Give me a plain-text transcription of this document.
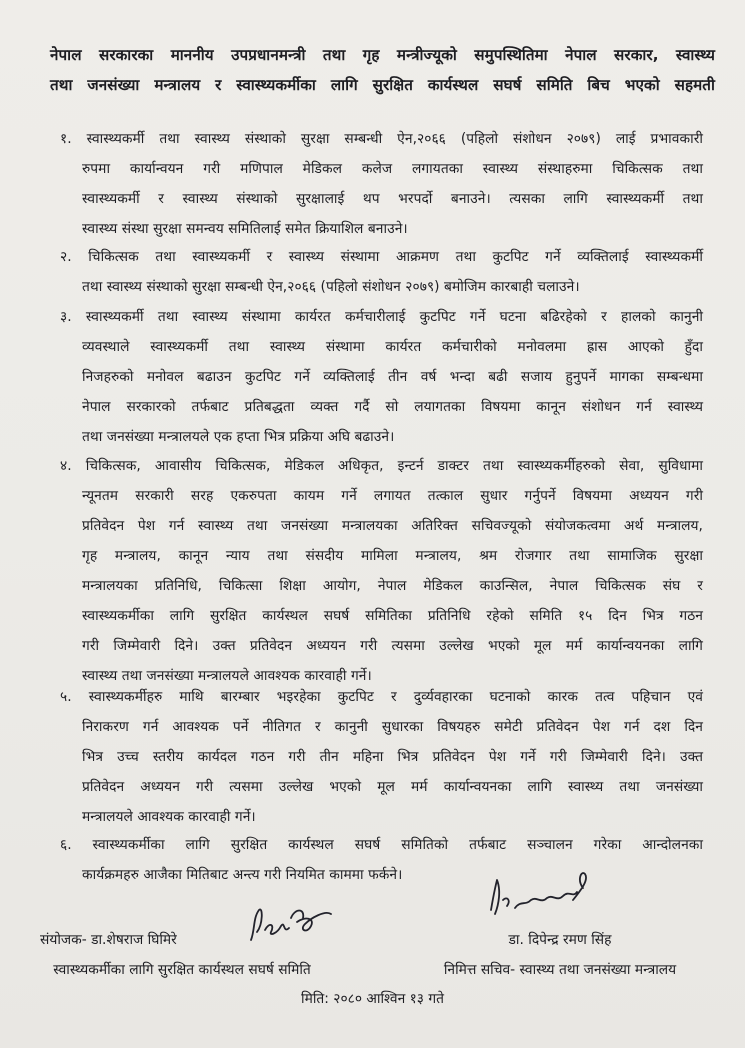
नेपाल सरकारका माननीय उपप्रधानमन्त्री तथा गृह मन्त्रीज्यूको समुपस्थितिमा नेपाल सरकार, स्वास्थ्य
तथा जनसंख्या मन्त्रालय र स्वास्थ्यकर्मीका लागि सुरक्षित कार्यस्थल सघर्ष समिति बिच भएको सहमती
१. स्वास्थ्यकर्मी तथा स्वास्थ्य संस्थाको सुरक्षा सम्बन्धी ऐन,२०६६ (पहिलो संशोधन २०७९) लाई प्रभावकारी
रुपमा कार्यान्वयन गरी मणिपाल मेडिकल कलेज लगायतका स्वास्थ्य संस्थाहरुमा चिकित्सक तथा
स्वास्थ्यकर्मी र स्वास्थ्य संस्थाको सुरक्षालाई थप भरपर्दो बनाउने। त्यसका लागि स्वास्थ्यकर्मी तथा
स्वास्थ्य संस्था सुरक्षा समन्वय समितिलाई समेत क्रियाशिल बनाउने।
२. चिकित्सक तथा स्वास्थ्यकर्मी र स्वास्थ्य संस्थामा आक्रमण तथा कुटपिट गर्ने व्यक्तिलाई स्वास्थ्यकर्मी
तथा स्वास्थ्य संस्थाको सुरक्षा सम्बन्धी ऐन,२०६६ (पहिलो संशोधन २०७९) बमोजिम कारबाही चलाउने।
३. स्वास्थ्यकर्मी तथा स्वास्थ्य संस्थामा कार्यरत कर्मचारीलाई कुटपिट गर्ने घटना बढिरहेको र हालको कानुनी
व्यवस्थाले स्वास्थ्यकर्मी तथा स्वास्थ्य संस्थामा कार्यरत कर्मचारीको मनोवलमा ह्रास आएको हुँदा
निजहरुको मनोवल बढाउन कुटपिट गर्ने व्यक्तिलाई तीन वर्ष भन्दा बढी सजाय हुनुपर्ने मागका सम्बन्धमा
नेपाल सरकारको तर्फबाट प्रतिबद्धता व्यक्त गर्दै सो लयागतका विषयमा कानून संशोधन गर्न स्वास्थ्य
तथा जनसंख्या मन्त्रालयले एक हप्ता भित्र प्रक्रिया अघि बढाउने।
४. चिकित्सक, आवासीय चिकित्सक, मेडिकल अधिकृत, इन्टर्न डाक्टर तथा स्वास्थ्यकर्मीहरुको सेवा, सुविधामा
न्यूनतम सरकारी सरह एकरुपता कायम गर्ने लगायत तत्काल सुधार गर्नुपर्ने विषयमा अध्ययन गरी
प्रतिवेदन पेश गर्न स्वास्थ्य तथा जनसंख्या मन्त्रालयका अतिरिक्त सचिवज्यूको संयोजकत्वमा अर्थ मन्त्रालय,
गृह मन्त्रालय, कानून न्याय तथा संसदीय मामिला मन्त्रालय, श्रम रोजगार तथा सामाजिक सुरक्षा
मन्त्रालयका प्रतिनिधि, चिकित्सा शिक्षा आयोग, नेपाल मेडिकल काउन्सिल, नेपाल चिकित्सक संघ र
स्वास्थ्यकर्मीका लागि सुरक्षित कार्यस्थल सघर्ष समितिका प्रतिनिधि रहेको समिति १५ दिन भित्र गठन
गरी जिम्मेवारी दिने। उक्त प्रतिवेदन अध्ययन गरी त्यसमा उल्लेख भएको मूल मर्म कार्यान्वयनका लागि
स्वास्थ्य तथा जनसंख्या मन्त्रालयले आवश्यक कारवाही गर्ने।
५. स्वास्थ्यकर्मीहरु माथि बारम्बार भइरहेका कुटपिट र दुर्व्यवहारका घटनाको कारक तत्व पहिचान एवं
निराकरण गर्न आवश्यक पर्ने नीतिगत र कानुनी सुधारका विषयहरु समेटी प्रतिवेदन पेश गर्न दश दिन
भित्र उच्च स्तरीय कार्यदल गठन गरी तीन महिना भित्र प्रतिवेदन पेश गर्ने गरी जिम्मेवारी दिने। उक्त
प्रतिवेदन अध्ययन गरी त्यसमा उल्लेख भएको मूल मर्म कार्यान्वयनका लागि स्वास्थ्य तथा जनसंख्या
मन्त्रालयले आवश्यक कारवाही गर्ने।
६. स्वास्थ्यकर्मीका लागि सुरक्षित कार्यस्थल सघर्ष समितिको तर्फबाट सञ्चालन गरेका आन्दोलनका
कार्यक्रमहरु आजैका मितिबाट अन्त्य गरी नियमित काममा फर्कने।
संयोजक- डा.शेषराज घिमिरे
स्वास्थ्यकर्मीका लागि सुरक्षित कार्यस्थल सघर्ष समिति
डा. दिपेन्द्र रमण सिंह
निमित्त सचिव- स्वास्थ्य तथा जनसंख्या मन्त्रालय
मिति: २०८० आश्विन १३ गते
